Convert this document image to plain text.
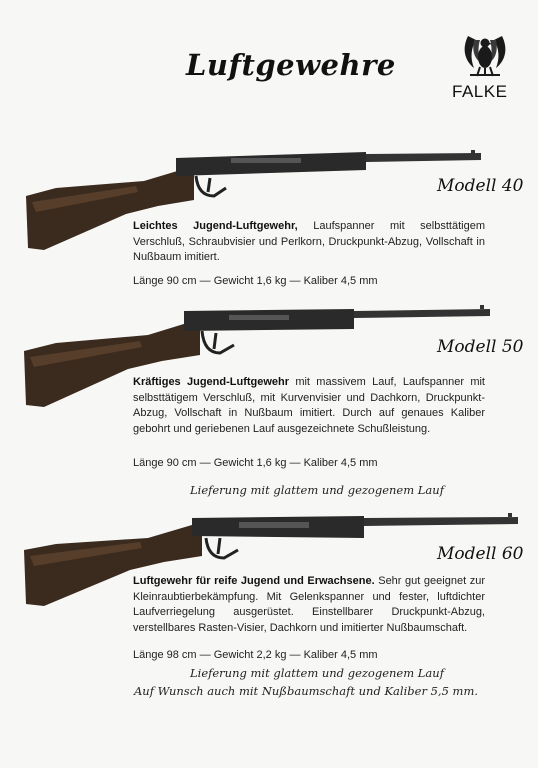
Luftgewehre
FALKE
Modell 40
Leichtes Jugend-Luftgewehr, Laufspanner mit selbsttätigem Verschluß, Schraubvisier und Perlkorn, Druckpunkt-Abzug, Vollschaft in Nußbaum imitiert.
Länge 90 cm — Gewicht 1,6 kg — Kaliber 4,5 mm
Modell 50
Kräftiges Jugend-Luftgewehr mit massivem Lauf, Laufspanner mit selbsttätigem Verschluß, mit Kurvenvisier und Dachkorn, Druckpunkt-Abzug, Vollschaft in Nußbaum imitiert. Durch auf genaues Kaliber gebohrt und geriebenen Lauf ausgezeichnete Schußleistung.
Länge 90 cm — Gewicht 1,6 kg — Kaliber 4,5 mm
Lieferung mit glattem und gezogenem Lauf
Modell 60
Luftgewehr für reife Jugend und Erwachsene. Sehr gut geeignet zur Kleinraubtierbekämpfung. Mit Gelenkspanner und fester, luftdichter Laufverriegelung ausgerüstet. Einstellbarer Druckpunkt-Abzug, verstellbares Rasten-Visier, Dachkorn und imitierter Nußbaumschaft.
Länge 98 cm — Gewicht 2,2 kg — Kaliber 4,5 mm
Lieferung mit glattem und gezogenem Lauf
Auf Wunsch auch mit Nußbaumschaft und Kaliber 5,5 mm.
